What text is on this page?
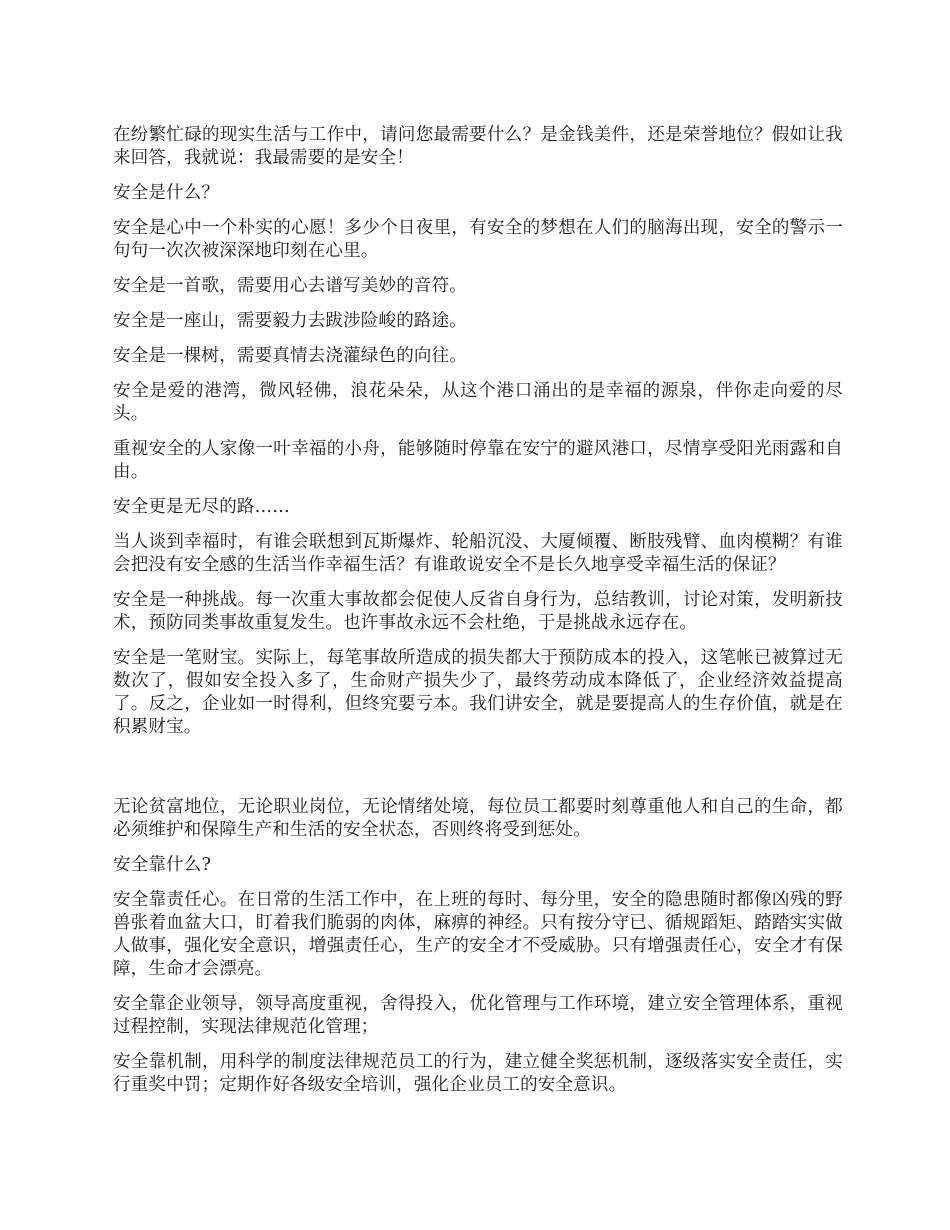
在纷繁忙碌的现实生活与工作中，请问您最需要什么？是金钱美件，还是荣誉地位？假如让我来回答，我就说：我最需要的是安全！

安全是什么？

安全是心中一个朴实的心愿！多少个日夜里，有安全的梦想在人们的脑海出现，安全的警示一句句一次次被深深地印刻在心里。

安全是一首歌，需要用心去谱写美妙的音符。

安全是一座山，需要毅力去跋涉险峻的路途。

安全是一棵树，需要真情去浇灌绿色的向往。

安全是爱的港湾，微风轻佛，浪花朵朵，从这个港口涌出的是幸福的源泉，伴你走向爱的尽头。

重视安全的人家像一叶幸福的小舟，能够随时停靠在安宁的避风港口，尽情享受阳光雨露和自由。

安全更是无尽的路……

当人谈到幸福时，有谁会联想到瓦斯爆炸、轮船沉没、大厦倾覆、断肢残臂、血肉模糊？有谁会把没有安全感的生活当作幸福生活？有谁敢说安全不是长久地享受幸福生活的保证？

安全是一种挑战。每一次重大事故都会促使人反省自身行为，总结教训，讨论对策，发明新技术，预防同类事故重复发生。也许事故永远不会杜绝，于是挑战永远存在。

安全是一笔财宝。实际上，每笔事故所造成的损失都大于预防成本的投入，这笔帐已被算过无数次了，假如安全投入多了，生命财产损失少了，最终劳动成本降低了，企业经济效益提高了。反之，企业如一时得利，但终究要亏本。我们讲安全，就是要提高人的生存价值，就是在积累财宝。

无论贫富地位，无论职业岗位，无论情绪处境，每位员工都要时刻尊重他人和自己的生命，都必须维护和保障生产和生活的安全状态，否则终将受到惩处。

安全靠什么?

安全靠责任心。在日常的生活工作中，在上班的每时、每分里，安全的隐患随时都像凶残的野兽张着血盆大口，盯着我们脆弱的肉体，麻痹的神经。只有按分守已、循规蹈矩、踏踏实实做人做事，强化安全意识，增强责任心，生产的安全才不受威胁。只有增强责任心，安全才有保障，生命才会漂亮。

安全靠企业领导，领导高度重视，舍得投入，优化管理与工作环境，建立安全管理体系，重视过程控制，实现法律规范化管理；

安全靠机制，用科学的制度法律规范员工的行为，建立健全奖惩机制，逐级落实安全责任，实行重奖中罚；定期作好各级安全培训，强化企业员工的安全意识。
